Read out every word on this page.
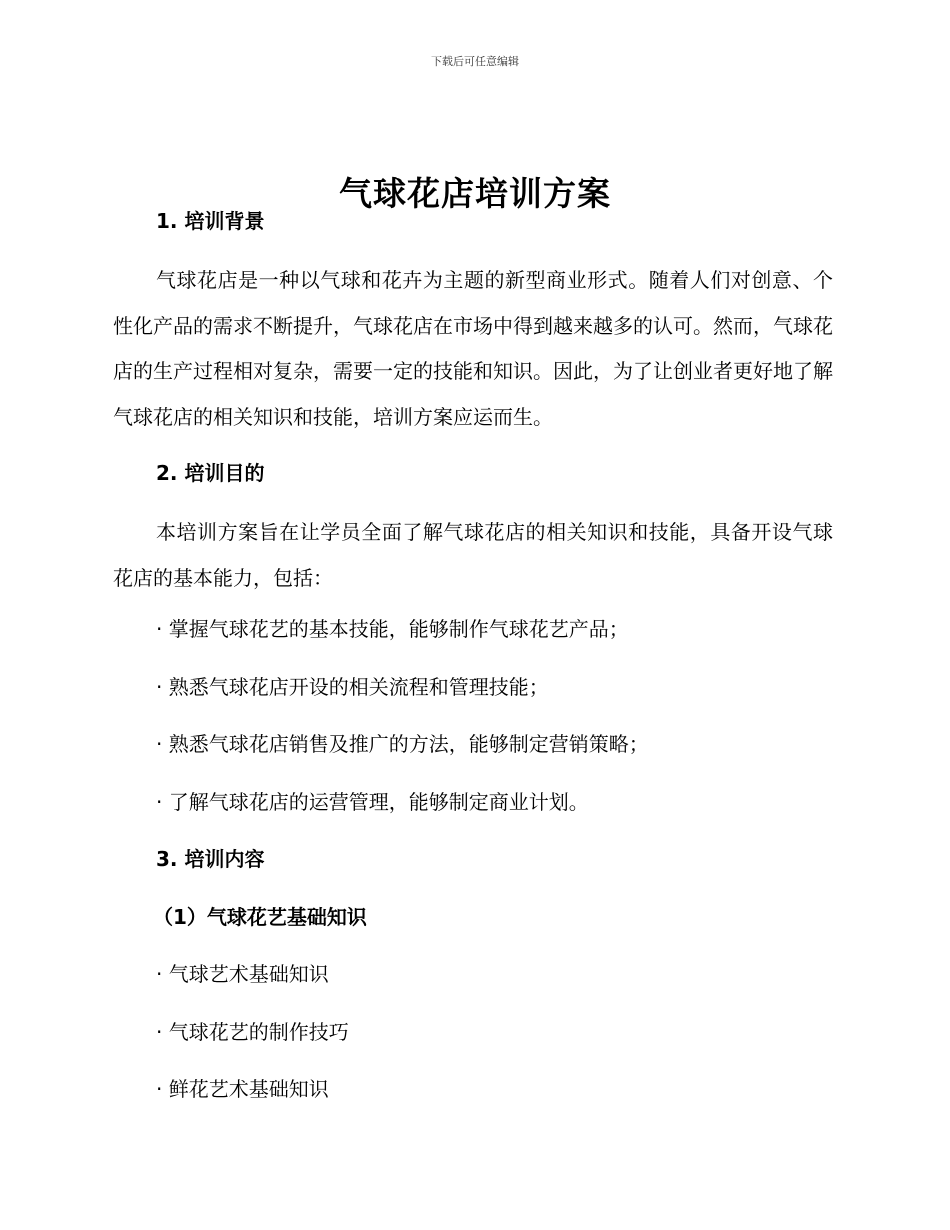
下载后可任意编辑
气球花店培训方案

1. 培训背景

气球花店是一种以气球和花卉为主题的新型商业形式。随着人们对创意、个性化产品的需求不断提升，气球花店在市场中得到越来越多的认可。然而，气球花店的生产过程相对复杂，需要一定的技能和知识。因此，为了让创业者更好地了解气球花店的相关知识和技能，培训方案应运而生。

2. 培训目的

本培训方案旨在让学员全面了解气球花店的相关知识和技能，具备开设气球花店的基本能力，包括：

· 掌握气球花艺的基本技能，能够制作气球花艺产品；

· 熟悉气球花店开设的相关流程和管理技能；

· 熟悉气球花店销售及推广的方法，能够制定营销策略；

· 了解气球花店的运营管理，能够制定商业计划。

3. 培训内容

（1）气球花艺基础知识

· 气球艺术基础知识

· 气球花艺的制作技巧

· 鲜花艺术基础知识
